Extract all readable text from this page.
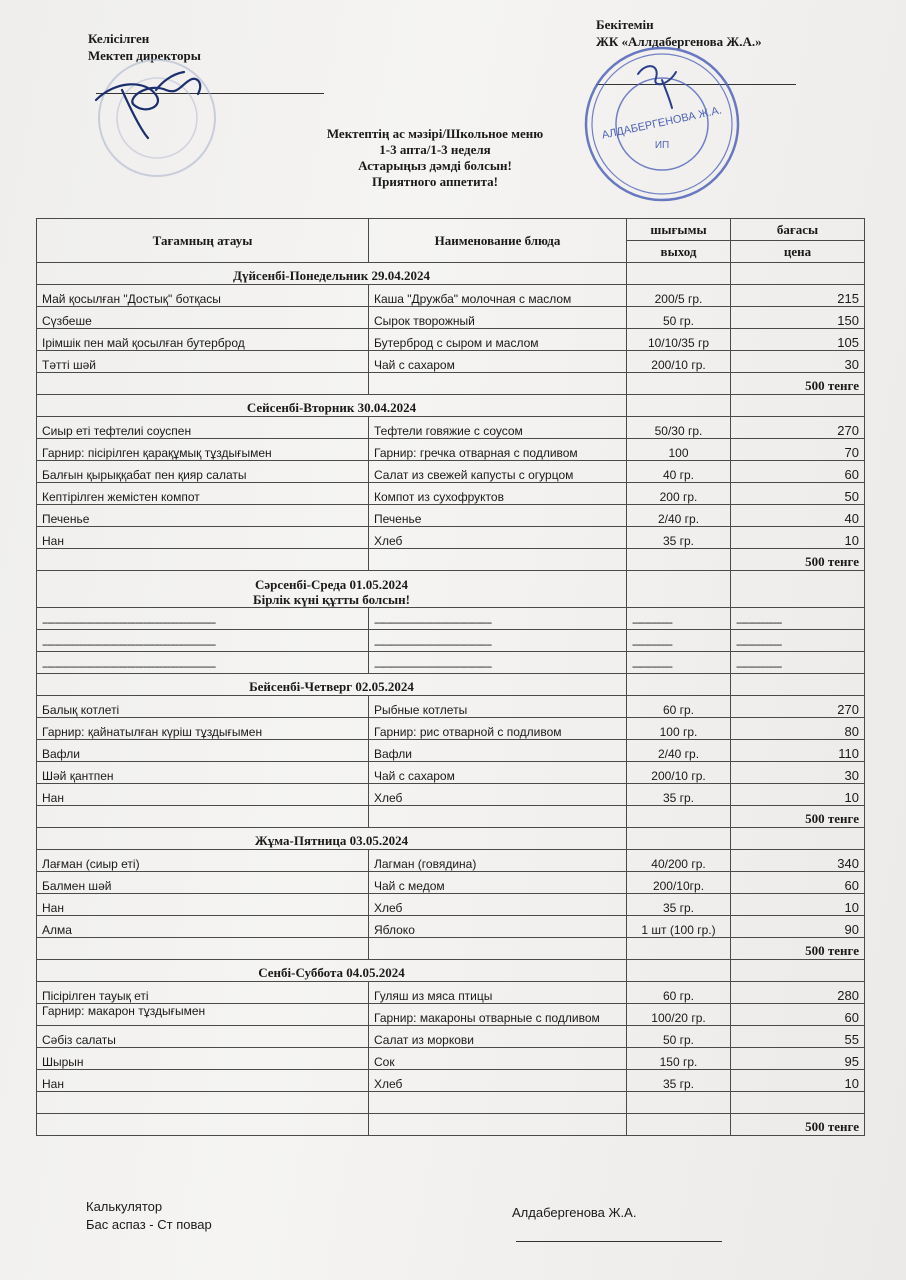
Келісілген
Мектеп директоры
Бекітемін
ЖК «Аллдабергенова Ж.А.»
АЛДАБЕРГЕНОВА Ж.А.
ИП
Мектептің ас мәзірі/Школьное меню
1-3 апта/1-3 неделя
Астарыңыз дәмді болсын!
Приятного аппетита!
Тағамның атауы	Наименование блюда	шығымы	бағасы
		выход	цена

Дүйсенбі-Понедельник 29.04.2024			

Май қосылған "Достық" ботқасы	Каша "Дружба" молочная с маслом	200/5 гр.	215
Сүзбеше	Сырок творожный	50 гр.	150
Ірімшік пен май қосылған бутерброд	Бутерброд с сыром и маслом	10/10/35 гр	105
Тәтті шәй	Чай с сахаром	200/10 гр.	30
			500 тенге

Сейсенбі-Вторник 30.04.2024			

Сиыр еті тефтелиі соуспен	Тефтели говяжие с соусом	50/30 гр.	270
Гарнир: пісірілген қарақұмық тұздығымен	Гарнир: гречка отварная с подливом	100	70
Балғын қырыққабат пен қияр салаты	Салат из свежей капусты с огурцом	40 гр.	60
Кептірілген жемістен компот	Компот из сухофруктов	200 гр.	50
Печенье	Печенье	2/40 гр.	40
Нан	Хлеб	35 гр.	10
			500 тенге

Сәрсенбі-Среда 01.05.2024
Бірлік күні құтты болсын!			

-----------------------------------------------------------------	--------------------------------------------	---------------	-----------------
-----------------------------------------------------------------	--------------------------------------------	---------------	-----------------
-----------------------------------------------------------------	--------------------------------------------	---------------	-----------------

Бейсенбі-Четверг 02.05.2024			

Балық котлеті	Рыбные котлеты	60 гр.	270
Гарнир: қайнатылған күріш тұздығымен	Гарнир: рис отварной с подливом	100 гр.	80
Вафли	Вафли	2/40 гр.	110
Шәй қантпен	Чай с сахаром	200/10 гр.	30
Нан	Хлеб	35 гр.	10
			500 тенге

Жұма-Пятница 03.05.2024			

Лағман (сиыр еті)	Лагман (говядина)	40/200 гр.	340
Балмен шәй	Чай с медом	200/10гр.	60
Нан	Хлеб	35 гр.	10
Алма	Яблоко	1 шт (100 гр.)	90
			500 тенге

Сенбі-Суббота 04.05.2024			

Пісірілген тауық еті	Гуляш из мяса птицы	60 гр.	280
Гарнир: макарон тұздығымен	Гарнир: макароны отварные с подливом	100/20 гр.	60
Сәбіз салаты	Салат из моркови	50 гр.	55
Шырын	Сок	150 гр.	95
Нан	Хлеб	35 гр.	10

			500 тенге
Калькулятор
Бас аспаз - Ст повар
Алдабергенова Ж.А.
